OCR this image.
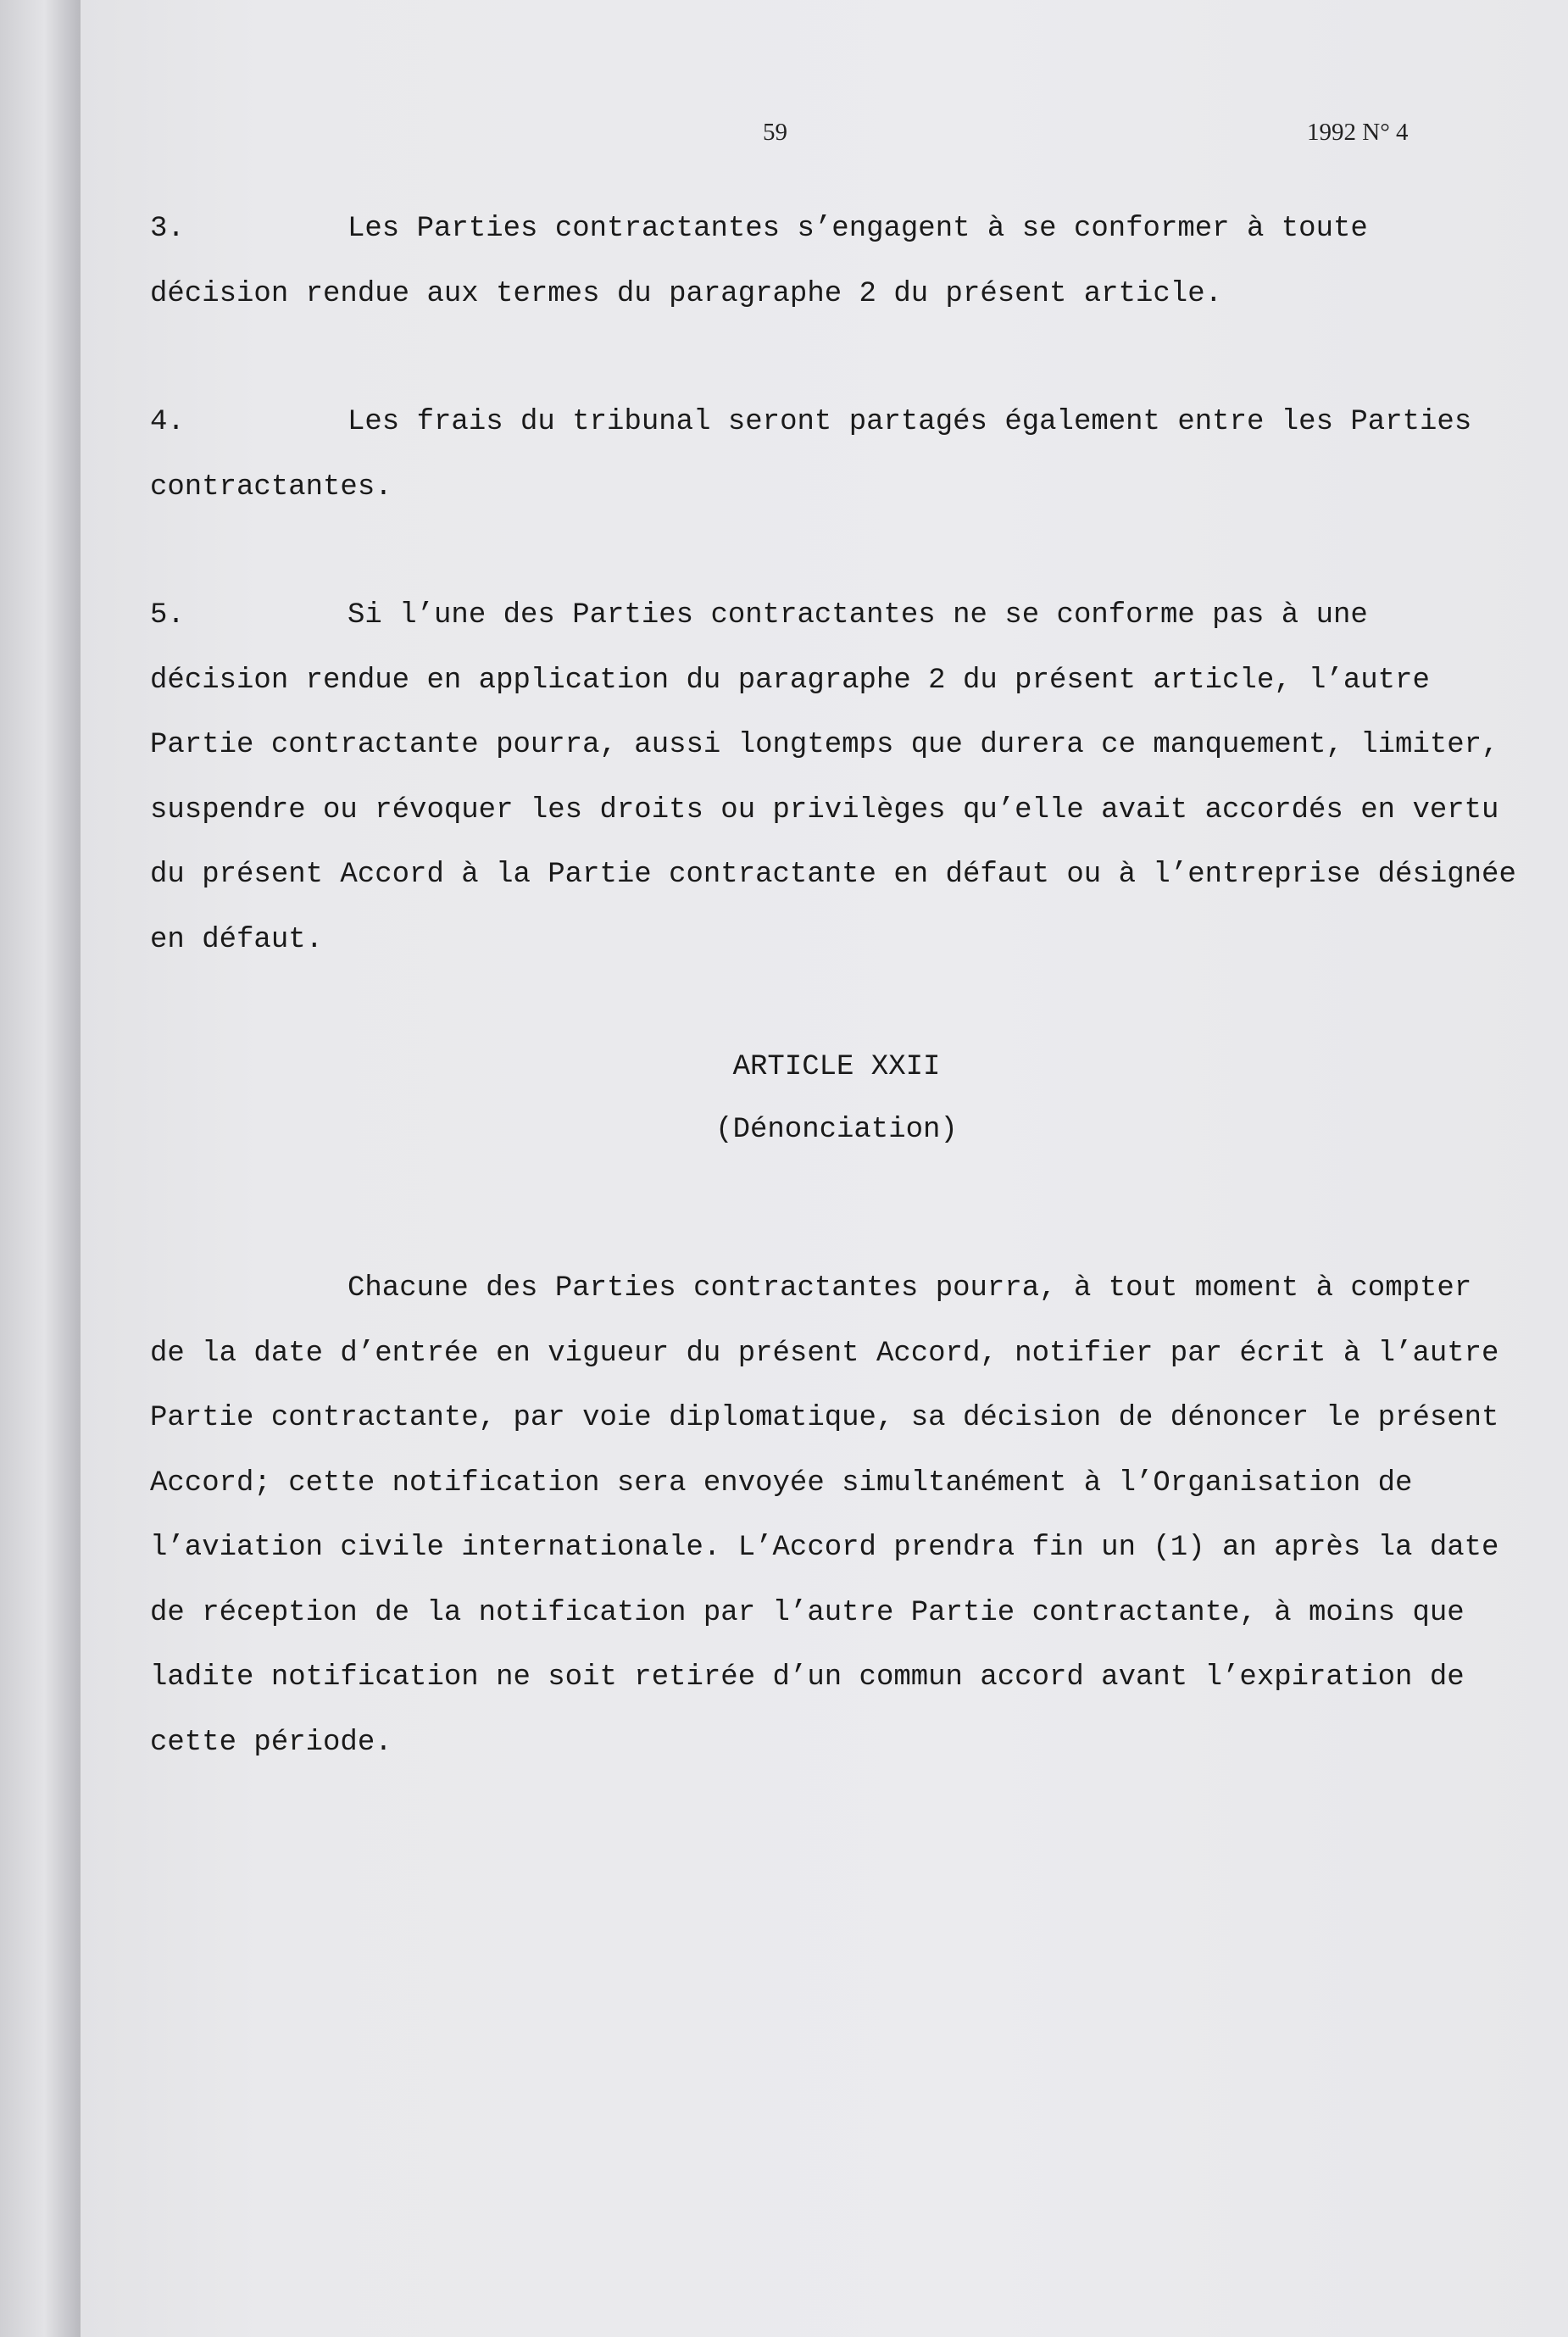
59	1992 N° 4

3.	Les Parties contractantes s’engagent à se conformer à toute décision rendue aux termes du paragraphe 2 du présent article.

4.	Les frais du tribunal seront partagés également entre les Parties contractantes.

5.	Si l’une des Parties contractantes ne se conforme pas à une décision rendue en application du paragraphe 2 du présent article, l’autre Partie contractante pourra, aussi longtemps que durera ce manquement, limiter, suspendre ou révoquer les droits ou privilèges qu’elle avait accordés en vertu du présent Accord à la Partie contractante en défaut ou à l’entreprise désignée en défaut.

ARTICLE XXII

(Dénonciation)

Chacune des Parties contractantes pourra, à tout moment à compter de la date d’entrée en vigueur du présent Accord, notifier par écrit à l’autre Partie contractante, par voie diplomatique, sa décision de dénoncer le présent Accord; cette notification sera envoyée simultanément à l’Organisation de l’aviation civile internationale. L’Accord prendra fin un (1) an après la date de réception de la notification par l’autre Partie contractante, à moins que ladite notification ne soit retirée d’un commun accord avant l’expiration de cette période.
